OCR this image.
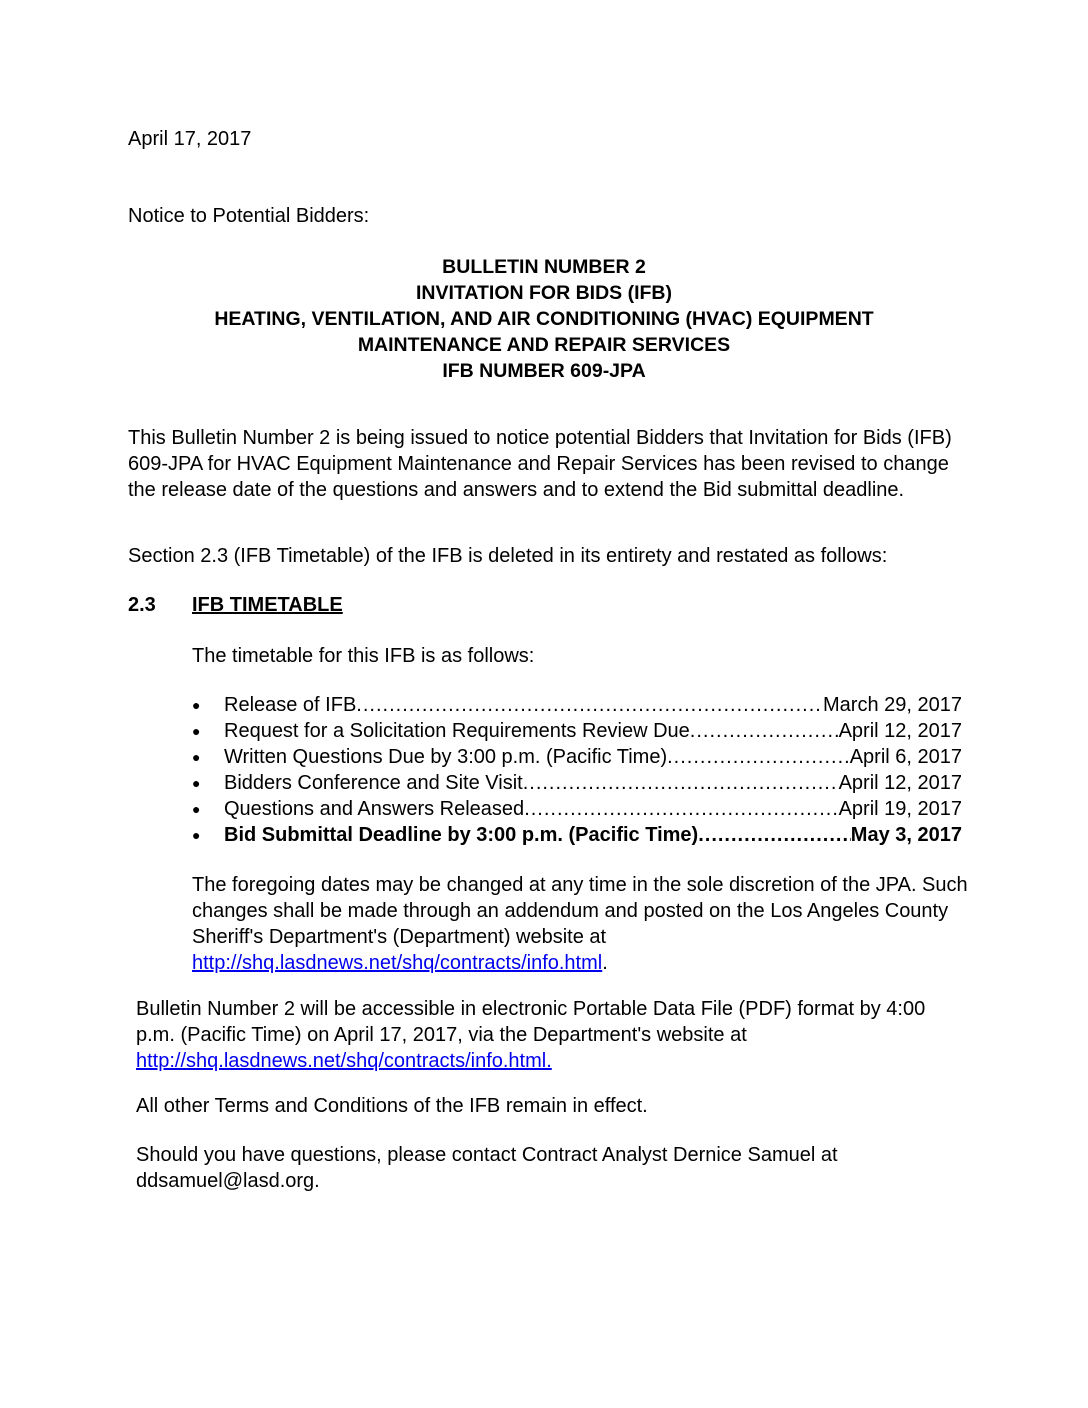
April 17, 2017
Notice to Potential Bidders:
BULLETIN NUMBER 2
INVITATION FOR BIDS (IFB)
HEATING, VENTILATION, AND AIR CONDITIONING (HVAC) EQUIPMENT
MAINTENANCE AND REPAIR SERVICES
IFB NUMBER 609-JPA
This Bulletin Number 2 is being issued to notice potential Bidders that Invitation for Bids (IFB) 609-JPA for HVAC Equipment Maintenance and Repair Services has been revised to change the release date of the questions and answers and to extend the Bid submittal deadline.
Section 2.3 (IFB Timetable) of the IFB is deleted in its entirety and restated as follows:
2.3 IFB TIMETABLE
The timetable for this IFB is as follows:
●	Release of IFB .....	March 29, 2017
●	Request for a Solicitation Requirements Review Due .....	April 12, 2017
●	Written Questions Due by 3:00 p.m. (Pacific Time) .....	April 6, 2017
●	Bidders Conference and Site Visit .....	April 12, 2017
●	Questions and Answers Released .....	April 19, 2017
●	Bid Submittal Deadline by 3:00 p.m. (Pacific Time) .....	May 3, 2017
The foregoing dates may be changed at any time in the sole discretion of the JPA. Such changes shall be made through an addendum and posted on the Los Angeles County Sheriff's Department's (Department) website at http://shq.lasdnews.net/shq/contracts/info.html.
Bulletin Number 2 will be accessible in electronic Portable Data File (PDF) format by 4:00 p.m. (Pacific Time) on April 17, 2017, via the Department's website at
http://shq.lasdnews.net/shq/contracts/info.html.
All other Terms and Conditions of the IFB remain in effect.
Should you have questions, please contact Contract Analyst Dernice Samuel at ddsamuel@lasd.org.
